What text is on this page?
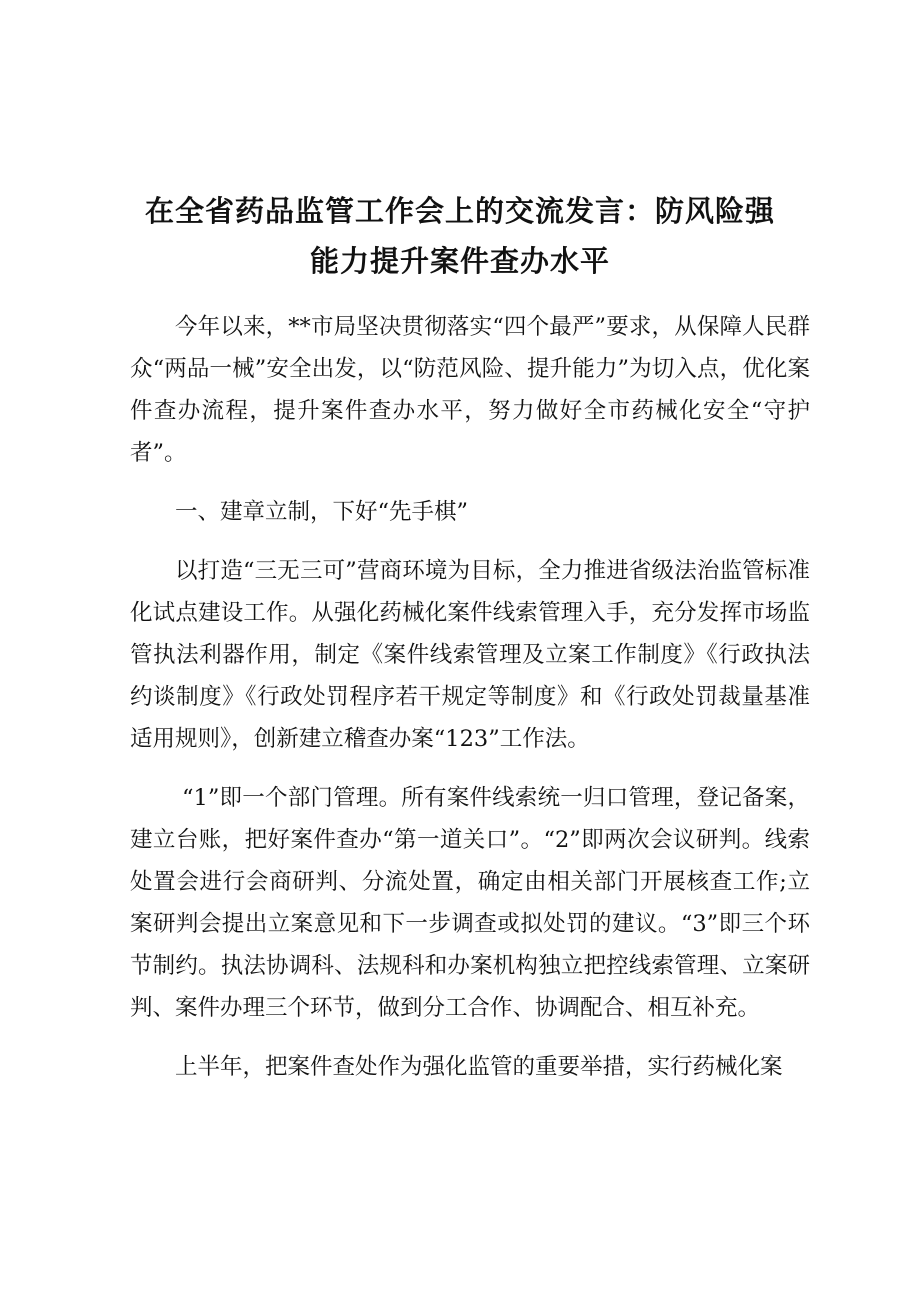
在全省药品监管工作会上的交流发言：防风险强
能力提升案件查办水平

今年以来，**市局坚决贯彻落实“四个最严”要求，从保障人民群众“两品一械”安全出发，以“防范风险、提升能力”为切入点，优化案件查办流程，提升案件查办水平，努力做好全市药械化安全“守护者”。

一、建章立制，下好“先手棋”

以打造“三无三可”营商环境为目标，全力推进省级法治监管标准化试点建设工作。从强化药械化案件线索管理入手，充分发挥市场监管执法利器作用，制定《案件线索管理及立案工作制度》《行政执法约谈制度》《行政处罚程序若干规定等制度》和《行政处罚裁量基准适用规则》，创新建立稽查办案“123”工作法。

“1”即一个部门管理。所有案件线索统一归口管理，登记备案，建立台账，把好案件查办“第一道关口”。“2”即两次会议研判。线索处置会进行会商研判、分流处置，确定由相关部门开展核查工作;立案研判会提出立案意见和下一步调查或拟处罚的建议。“3”即三个环节制约。执法协调科、法规科和办案机构独立把控线索管理、立案研判、案件办理三个环节，做到分工合作、协调配合、相互补充。

上半年，把案件查处作为强化监管的重要举措，实行药械化案
